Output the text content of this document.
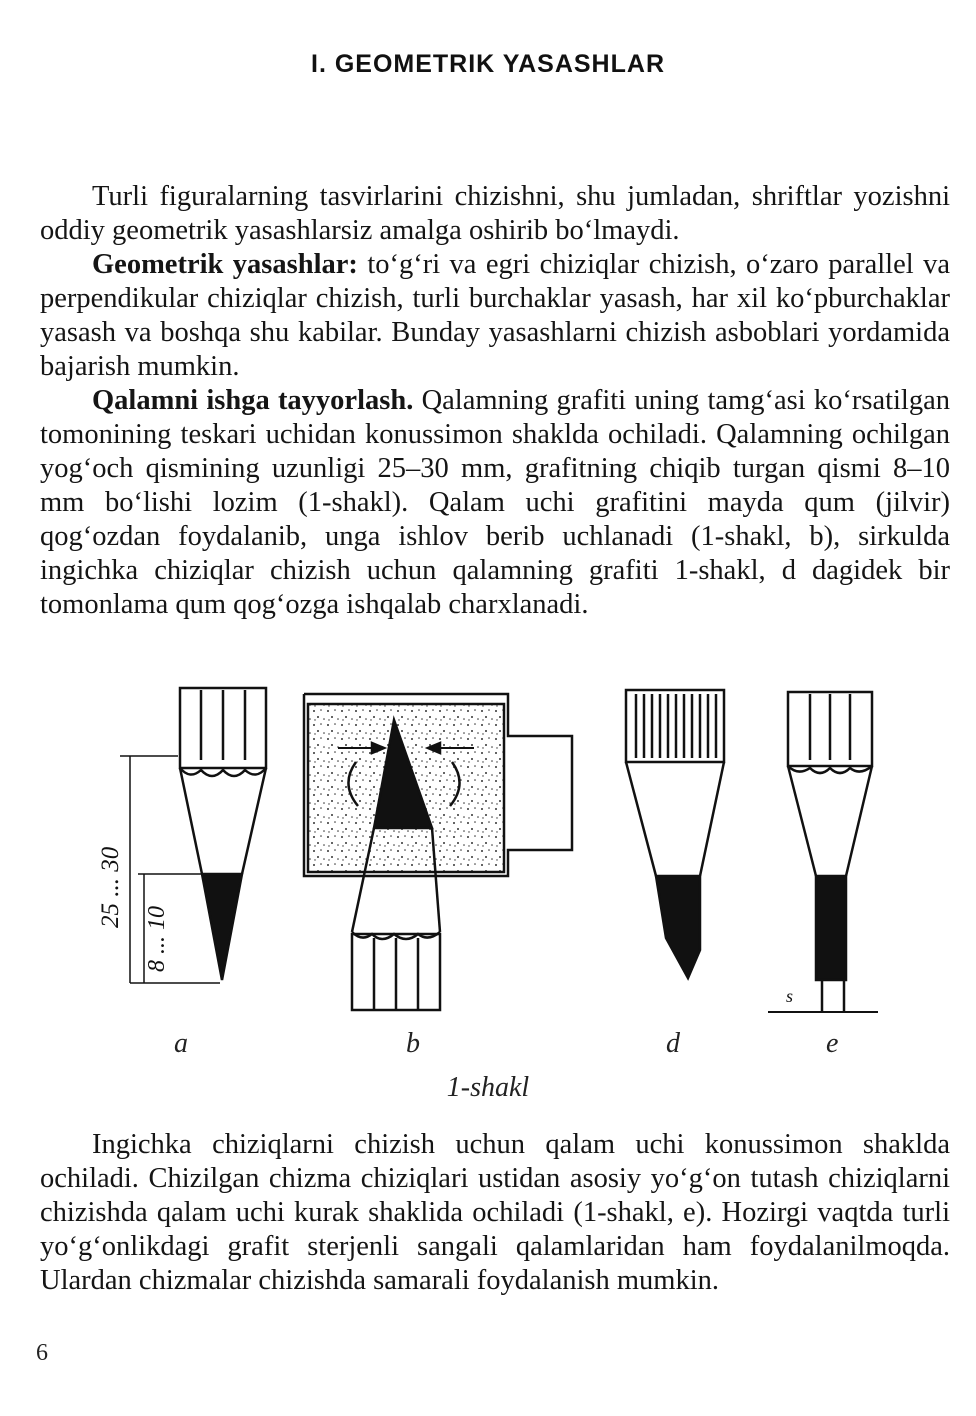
I. GEOMETRIK YASASHLAR

Turli figuralarning tasvirlarini chizishni, shu jumladan, shriftlar yozishni oddiy geometrik yasashlarsiz amalga oshirib bo‘lmaydi.

Geometrik yasashlar: to‘g‘ri va egri chiziqlar chizish, o‘zaro parallel va perpendikular chiziqlar chizish, turli burchaklar yasash, har xil ko‘pburchaklar yasash va boshqa shu kabilar. Bunday yasashlarni chizish asboblari yordamida bajarish mumkin.

Qalamni ishga tayyorlash. Qalamning grafiti uning tamg‘asi ko‘rsatilgan tomonining teskari uchidan konussimon shaklda ochiladi. Qalamning ochilgan yog‘och qismining uzunligi 25–30 mm, grafitning chiqib turgan qismi 8–10 mm bo‘lishi lozim (1-shakl). Qalam uchi grafitini mayda qum (jilvir) qog‘ozdan foydalanib, unga ishlov berib uchlanadi (1-shakl, b), sirkulda ingichka chiziqlar chizish uchun qalamning grafiti 1-shakl, d dagidek bir tomonlama qum qog‘ozga ishqalab charxlanadi.

25 ... 30
8 ... 10
s
a	b	d	e
1-shakl

Ingichka chiziqlarni chizish uchun qalam uchi konussimon shaklda ochiladi. Chizilgan chizma chiziqlari ustidan asosiy yo‘g‘on tutash chiziqlarni chizishda qalam uchi kurak shaklida ochiladi (1-shakl, e). Hozirgi vaqtda turli yo‘g‘onlikdagi grafit sterjenli sangali qalamlaridan ham foydalanilmoqda. Ulardan chizmalar chizishda samarali foydalanish mumkin.

6
